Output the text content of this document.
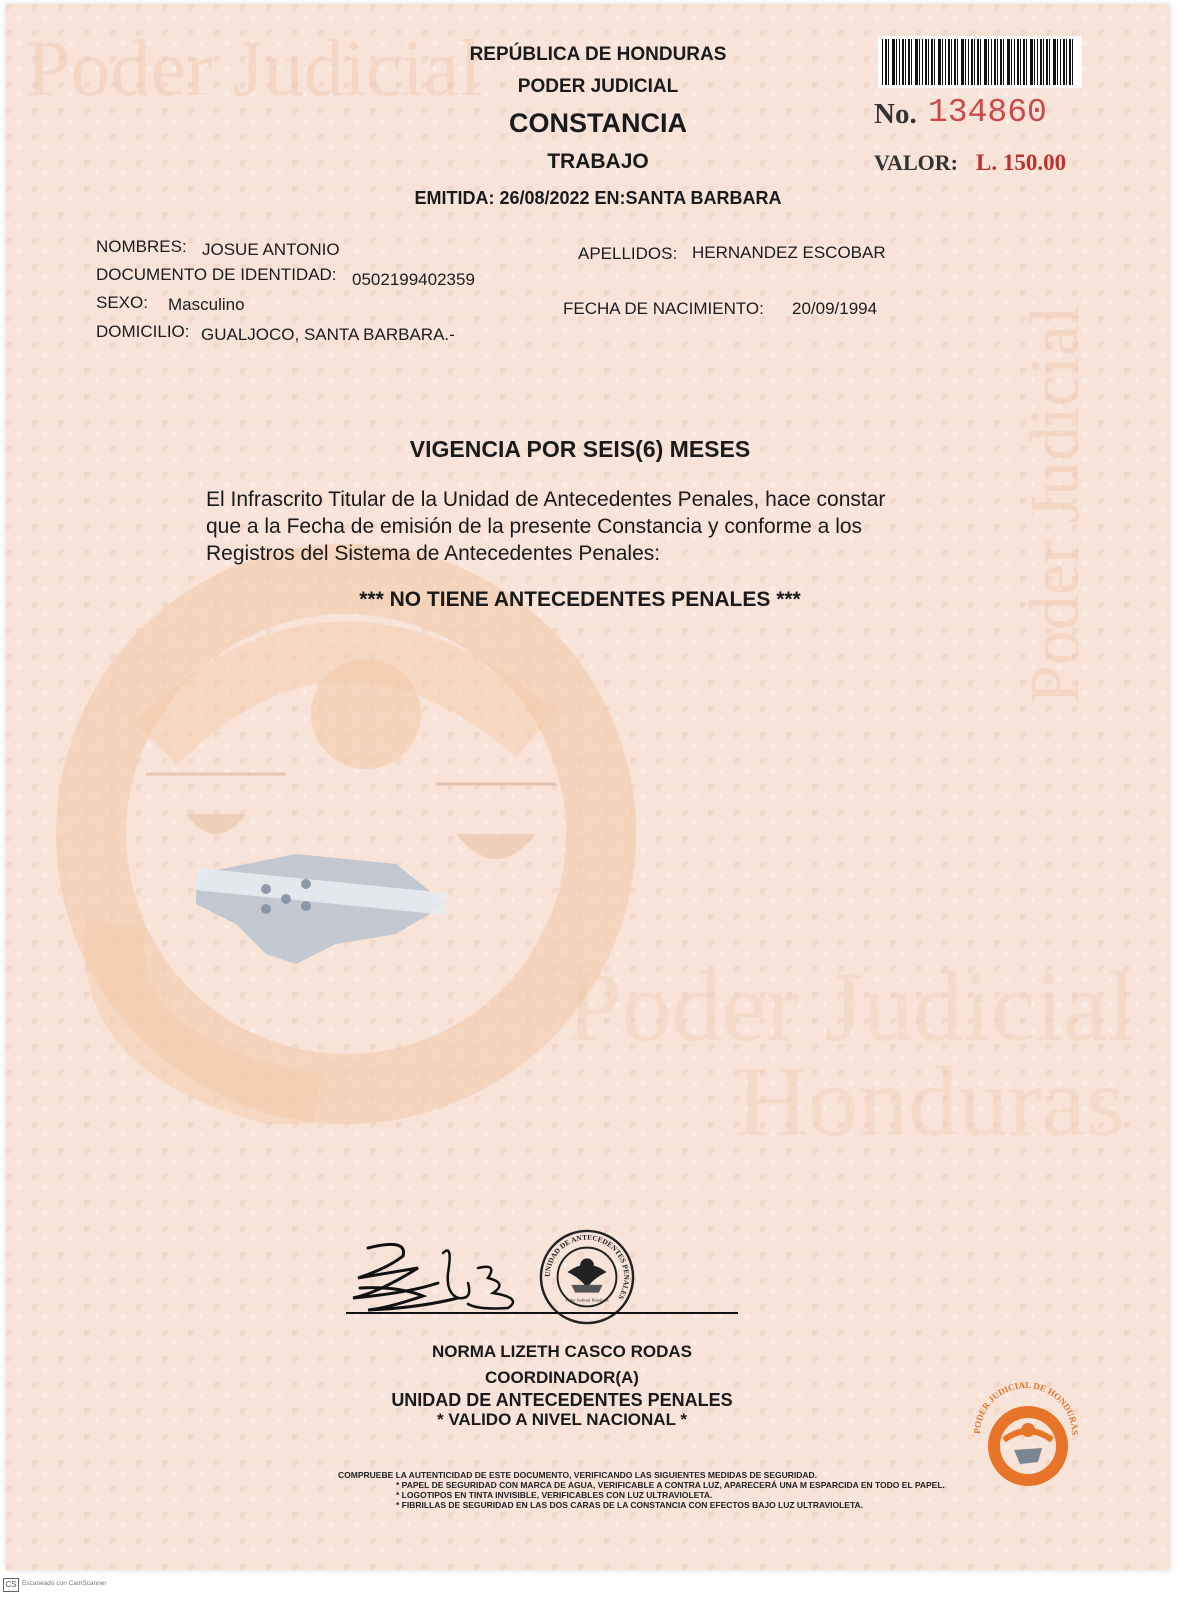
Poder Judicial
Poder Judicial
Poder Judicial
Honduras
REPÚBLICA DE HONDURAS
PODER JUDICIAL
CONSTANCIA
TRABAJO
EMITIDA: 26/08/2022 EN:SANTA BARBARA
No. 134860
VALOR: L. 150.00
NOMBRES: JOSUE ANTONIO	APELLIDOS: HERNANDEZ ESCOBAR
DOCUMENTO DE IDENTIDAD: 0502199402359
SEXO: Masculino	FECHA DE NACIMIENTO: 20/09/1994
DOMICILIO: GUALJOCO, SANTA BARBARA.-
VIGENCIA POR SEIS(6) MESES
El Infrascrito Titular de la Unidad de Antecedentes Penales, hace constar
que a la Fecha de emisión de la presente Constancia y conforme a los
Registros del Sistema de Antecedentes Penales:
*** NO TIENE ANTECEDENTES PENALES ***
UNIDAD DE ANTECEDENTES PENALES
Poder Judicial Honduras
NORMA LIZETH CASCO RODAS
COORDINADOR(A)
UNIDAD DE ANTECEDENTES PENALES
* VALIDO A NIVEL NACIONAL *
COMPRUEBE LA AUTENTICIDAD DE ESTE DOCUMENTO, VERIFICANDO LAS SIGUIENTES MEDIDAS DE SEGURIDAD.
* PAPEL DE SEGURIDAD CON MARCA DE AGUA, VERIFICABLE A CONTRA LUZ, APARECERÁ UNA M ESPARCIDA EN TODO EL PAPEL.
* LOGOTIPOS EN TINTA INVISIBLE, VERIFICABLES CON LUZ ULTRAVIOLETA.
* FIBRILLAS DE SEGURIDAD EN LAS DOS CARAS DE LA CONSTANCIA CON EFECTOS BAJO LUZ ULTRAVIOLETA.
PODER JUDICIAL DE HONDURAS
CS Escaneado con CamScanner
